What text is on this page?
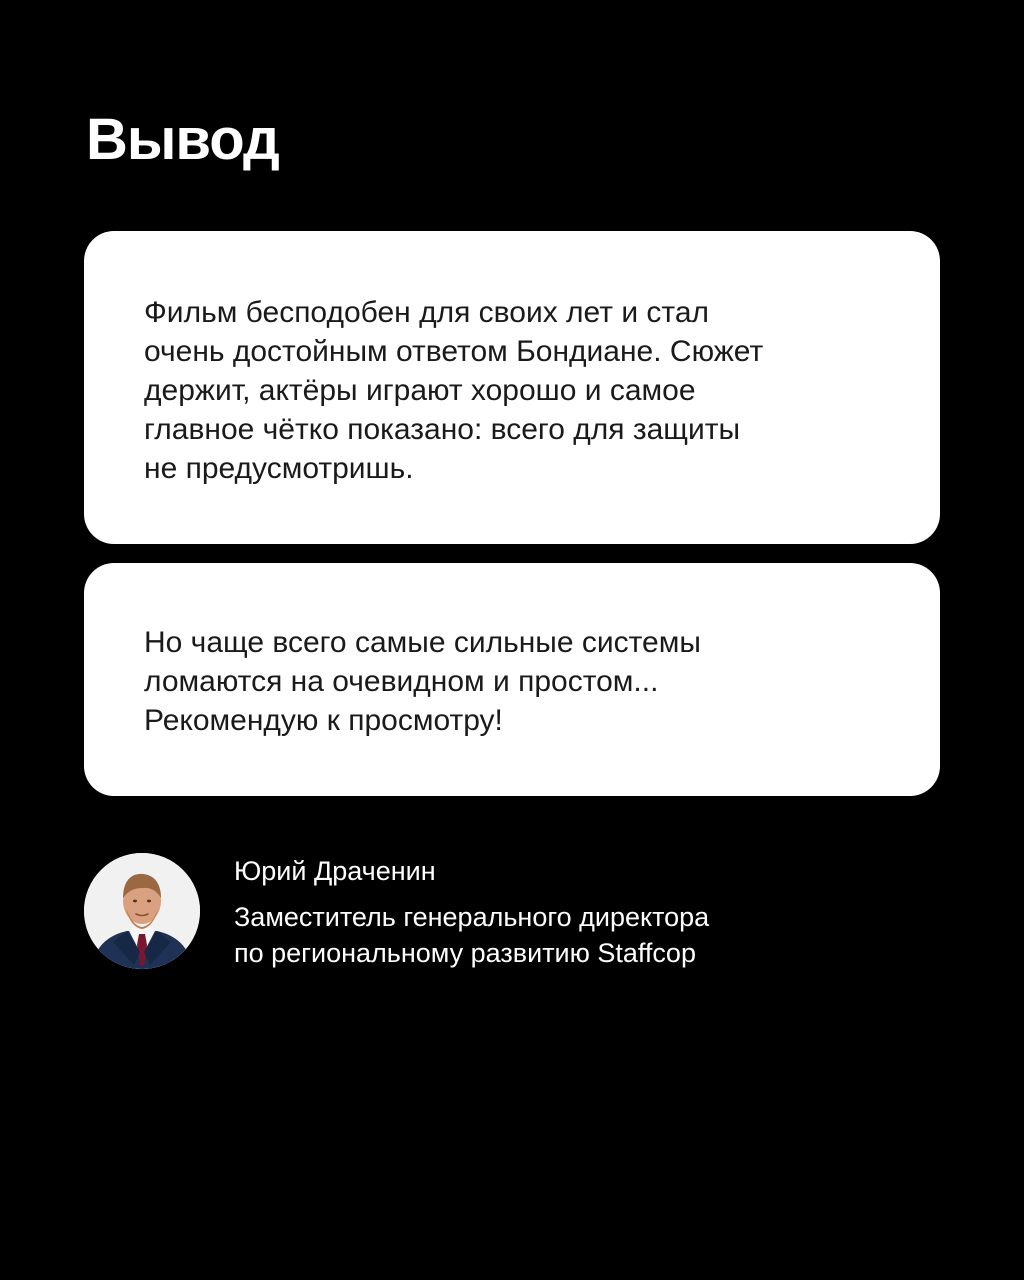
Вывод

Фильм бесподобен для своих лет и стал
очень достойным ответом Бондиане. Сюжет
держит, актёры играют хорошо и самое
главное чётко показано: всего для защиты
не предусмотришь.

Но чаще всего самые сильные системы
ломаются на очевидном и простом...
Рекомендую к просмотру!

Юрий Драченин

Заместитель генерального директора
по региональному развитию Staffcop
